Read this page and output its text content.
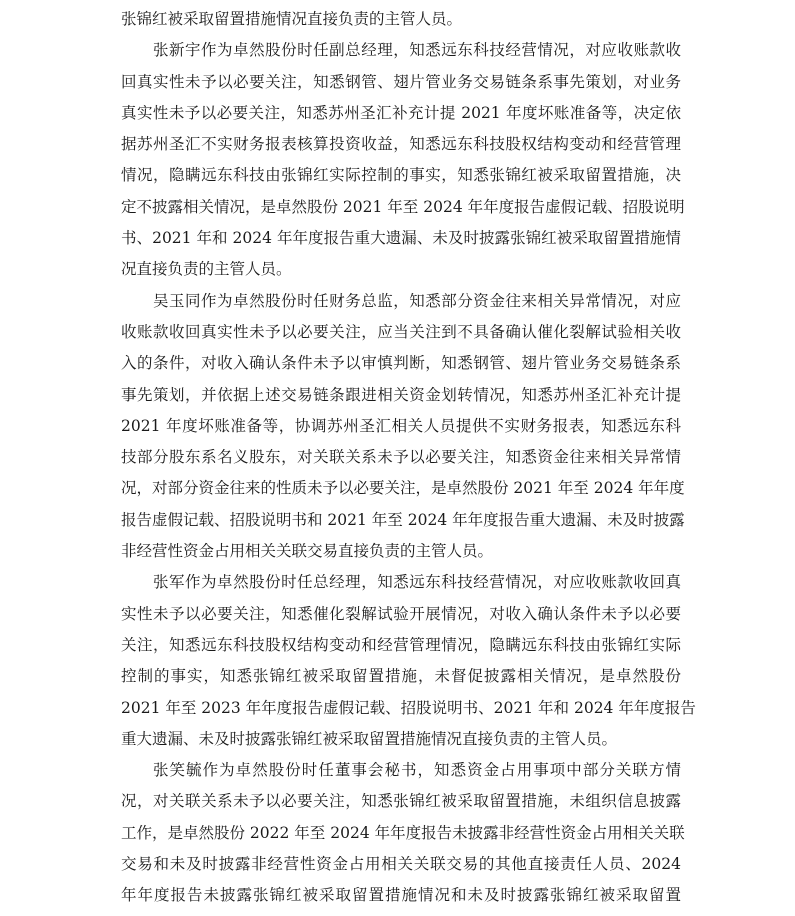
张锦红被采取留置措施情况直接负责的主管人员。
张新宇作为卓然股份时任副总经理，知悉远东科技经营情况，对应收账款收
回真实性未予以必要关注，知悉钢管、翅片管业务交易链条系事先策划，对业务
真实性未予以必要关注，知悉苏州圣汇补充计提 2021 年度坏账准备等，决定依
据苏州圣汇不实财务报表核算投资收益，知悉远东科技股权结构变动和经营管理
情况，隐瞒远东科技由张锦红实际控制的事实，知悉张锦红被采取留置措施，决
定不披露相关情况，是卓然股份 2021 年至 2024 年年度报告虚假记载、招股说明
书、2021 年和 2024 年年度报告重大遗漏、未及时披露张锦红被采取留置措施情
况直接负责的主管人员。
吴玉同作为卓然股份时任财务总监，知悉部分资金往来相关异常情况，对应
收账款收回真实性未予以必要关注，应当关注到不具备确认催化裂解试验相关收
入的条件，对收入确认条件未予以审慎判断，知悉钢管、翅片管业务交易链条系
事先策划，并依据上述交易链条跟进相关资金划转情况，知悉苏州圣汇补充计提
2021 年度坏账准备等，协调苏州圣汇相关人员提供不实财务报表，知悉远东科
技部分股东系名义股东，对关联关系未予以必要关注，知悉资金往来相关异常情
况，对部分资金往来的性质未予以必要关注，是卓然股份 2021 年至 2024 年年度
报告虚假记载、招股说明书和 2021 年至 2024 年年度报告重大遗漏、未及时披露
非经营性资金占用相关关联交易直接负责的主管人员。
张军作为卓然股份时任总经理，知悉远东科技经营情况，对应收账款收回真
实性未予以必要关注，知悉催化裂解试验开展情况，对收入确认条件未予以必要
关注，知悉远东科技股权结构变动和经营管理情况，隐瞒远东科技由张锦红实际
控制的事实，知悉张锦红被采取留置措施，未督促披露相关情况，是卓然股份
2021 年至 2023 年年度报告虚假记载、招股说明书、2021 年和 2024 年年度报告
重大遗漏、未及时披露张锦红被采取留置措施情况直接负责的主管人员。
张笑毓作为卓然股份时任董事会秘书，知悉资金占用事项中部分关联方情
况，对关联关系未予以必要关注，知悉张锦红被采取留置措施，未组织信息披露
工作，是卓然股份 2022 年至 2024 年年度报告未披露非经营性资金占用相关关联
交易和未及时披露非经营性资金占用相关关联交易的其他直接责任人员、2024
年年度报告未披露张锦红被采取留置措施情况和未及时披露张锦红被采取留置
